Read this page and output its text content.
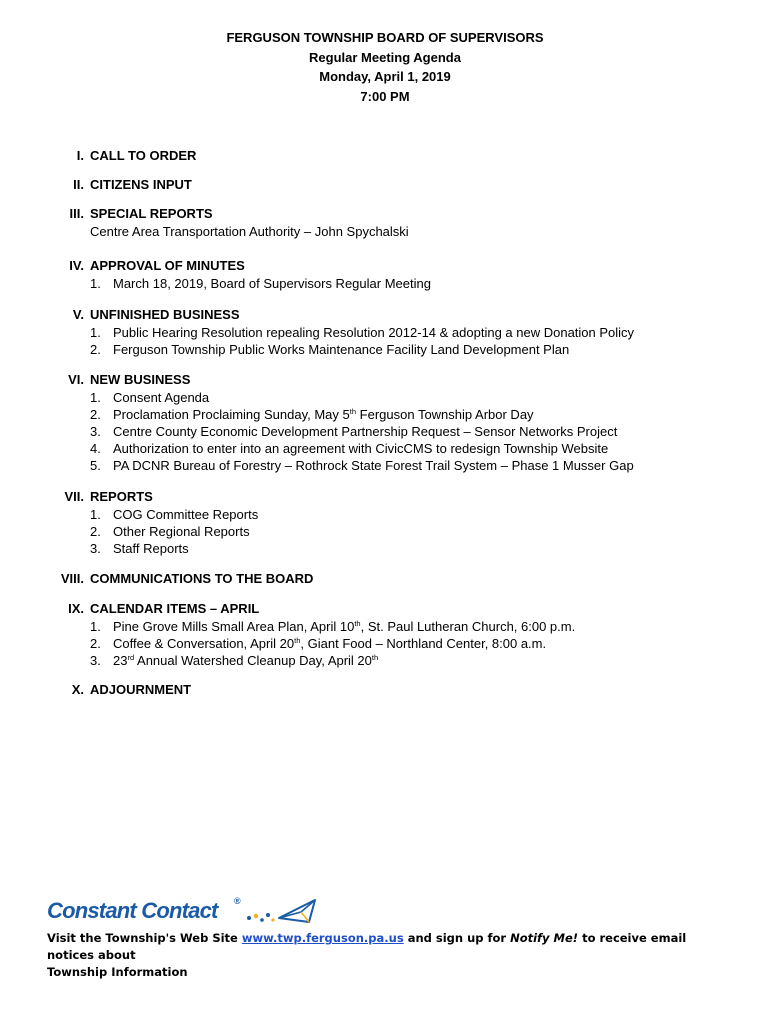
FERGUSON TOWNSHIP BOARD OF SUPERVISORS
Regular Meeting Agenda
Monday, April 1, 2019
7:00 PM
I. CALL TO ORDER
II. CITIZENS INPUT
III. SPECIAL REPORTS
Centre Area Transportation Authority – John Spychalski
IV. APPROVAL OF MINUTES
1. March 18, 2019, Board of Supervisors Regular Meeting
V. UNFINISHED BUSINESS
1. Public Hearing Resolution repealing Resolution 2012-14 & adopting a new Donation Policy
2. Ferguson Township Public Works Maintenance Facility Land Development Plan
VI. NEW BUSINESS
1. Consent Agenda
2. Proclamation Proclaiming Sunday, May 5th Ferguson Township Arbor Day
3. Centre County Economic Development Partnership Request – Sensor Networks Project
4. Authorization to enter into an agreement with CivicCMS to redesign Township Website
5. PA DCNR Bureau of Forestry – Rothrock State Forest Trail System – Phase 1 Musser Gap
VII. REPORTS
1. COG Committee Reports
2. Other Regional Reports
3. Staff Reports
VIII. COMMUNICATIONS TO THE BOARD
IX. CALENDAR ITEMS – APRIL
1. Pine Grove Mills Small Area Plan, April 10th, St. Paul Lutheran Church, 6:00 p.m.
2. Coffee & Conversation, April 20th, Giant Food – Northland Center, 8:00 a.m.
3. 23rd Annual Watershed Cleanup Day, April 20th
X. ADJOURNMENT
Constant Contact ®
Visit the Township's Web Site www.twp.ferguson.pa.us and sign up for Notify Me! to receive email notices about
Township Information
